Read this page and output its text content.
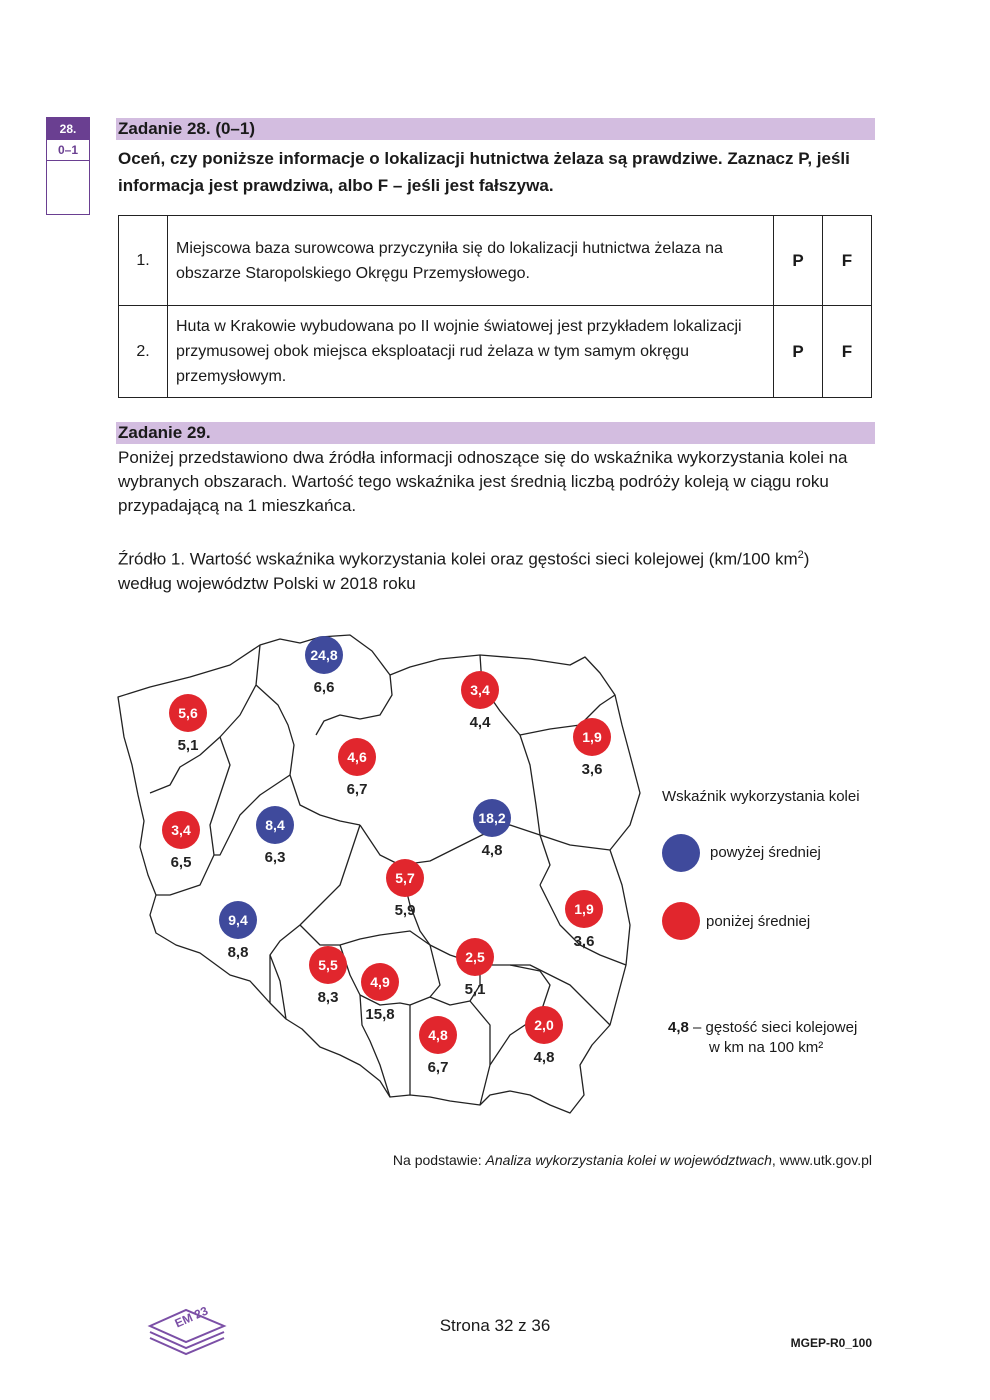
28.
0–1
Zadanie 28. (0–1)
Oceń, czy poniższe informacje o lokalizacji hutnictwa żelaza są prawdziwe. Zaznacz P, jeśli informacja jest prawdziwa, albo F – jeśli jest fałszywa.
1.	Miejscowa baza surowcowa przyczyniła się do lokalizacji hutnictwa żelaza na obszarze Staropolskiego Okręgu Przemysłowego.	P	F
2.	Huta w Krakowie wybudowana po II wojnie światowej jest przykładem lokalizacji przymusowej obok miejsca eksploatacji rud żelaza w tym samym okręgu przemysłowym.	P	F
Zadanie 29.
Poniżej przedstawiono dwa źródła informacji odnoszące się do wskaźnika wykorzystania kolei na wybranych obszarach. Wartość tego wskaźnika jest średnią liczbą podróży koleją w ciągu roku przypadającą na 1 mieszkańca.
Źródło 1. Wartość wskaźnika wykorzystania kolei oraz gęstości sieci kolejowej (km/100 $km^2$)
według województw Polski w 2018 roku
24,8
6,6	3,4
4,4
5,6
5,1	1,9
3,6
4,6
6,7
3,4
6,5
8,4
6,3
18,2
4,8
5,7
5,9
9,4
8,8
1,9
3,6
5,5
8,3
4,9
15,8
2,5
5,1
4,8
6,7
2,0
4,8
Wskaźnik wykorzystania kolei
powyżej średniej
poniżej średniej
4,8 – gęstość sieci kolejowej
w km na 100 km²
Na podstawie: Analiza wykorzystania kolei w województwach, www.utk.gov.pl
EM 23	Strona 32 z 36
MGEP-R0_100
